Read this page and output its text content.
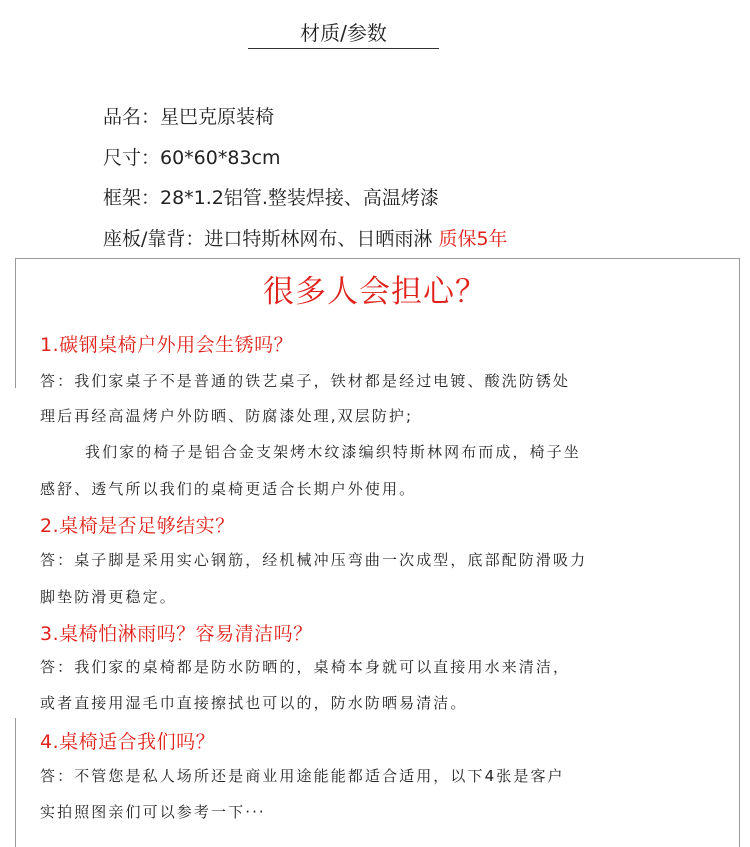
材质/参数
品名：星巴克原装椅
尺寸：60*60*83cm
框架：28*1.2铝管.整装焊接、高温烤漆
座板/靠背：进口特斯林网布、日晒雨淋 质保5年
很多人会担心？
1.碳钢桌椅户外用会生锈吗？
答：我们家桌子不是普通的铁艺桌子，铁材都是经过电镀、酸洗防锈处
理后再经高温烤户外防晒、防腐漆处理,双层防护;
我们家的椅子是铝合金支架烤木纹漆编织特斯林网布而成，椅子坐
感舒、透气所以我们的桌椅更适合长期户外使用。
2.桌椅是否足够结实？
答：桌子脚是采用实心钢筋，经机械冲压弯曲一次成型，底部配防滑吸力
脚垫防滑更稳定。
3.桌椅怕淋雨吗？容易清洁吗？
答：我们家的桌椅都是防水防晒的，桌椅本身就可以直接用水来清洁，
或者直接用湿毛巾直接擦拭也可以的，防水防晒易清洁。
4.桌椅适合我们吗？
答：不管您是私人场所还是商业用途能能都适合适用，以下4张是客户
实拍照图亲们可以参考一下···
